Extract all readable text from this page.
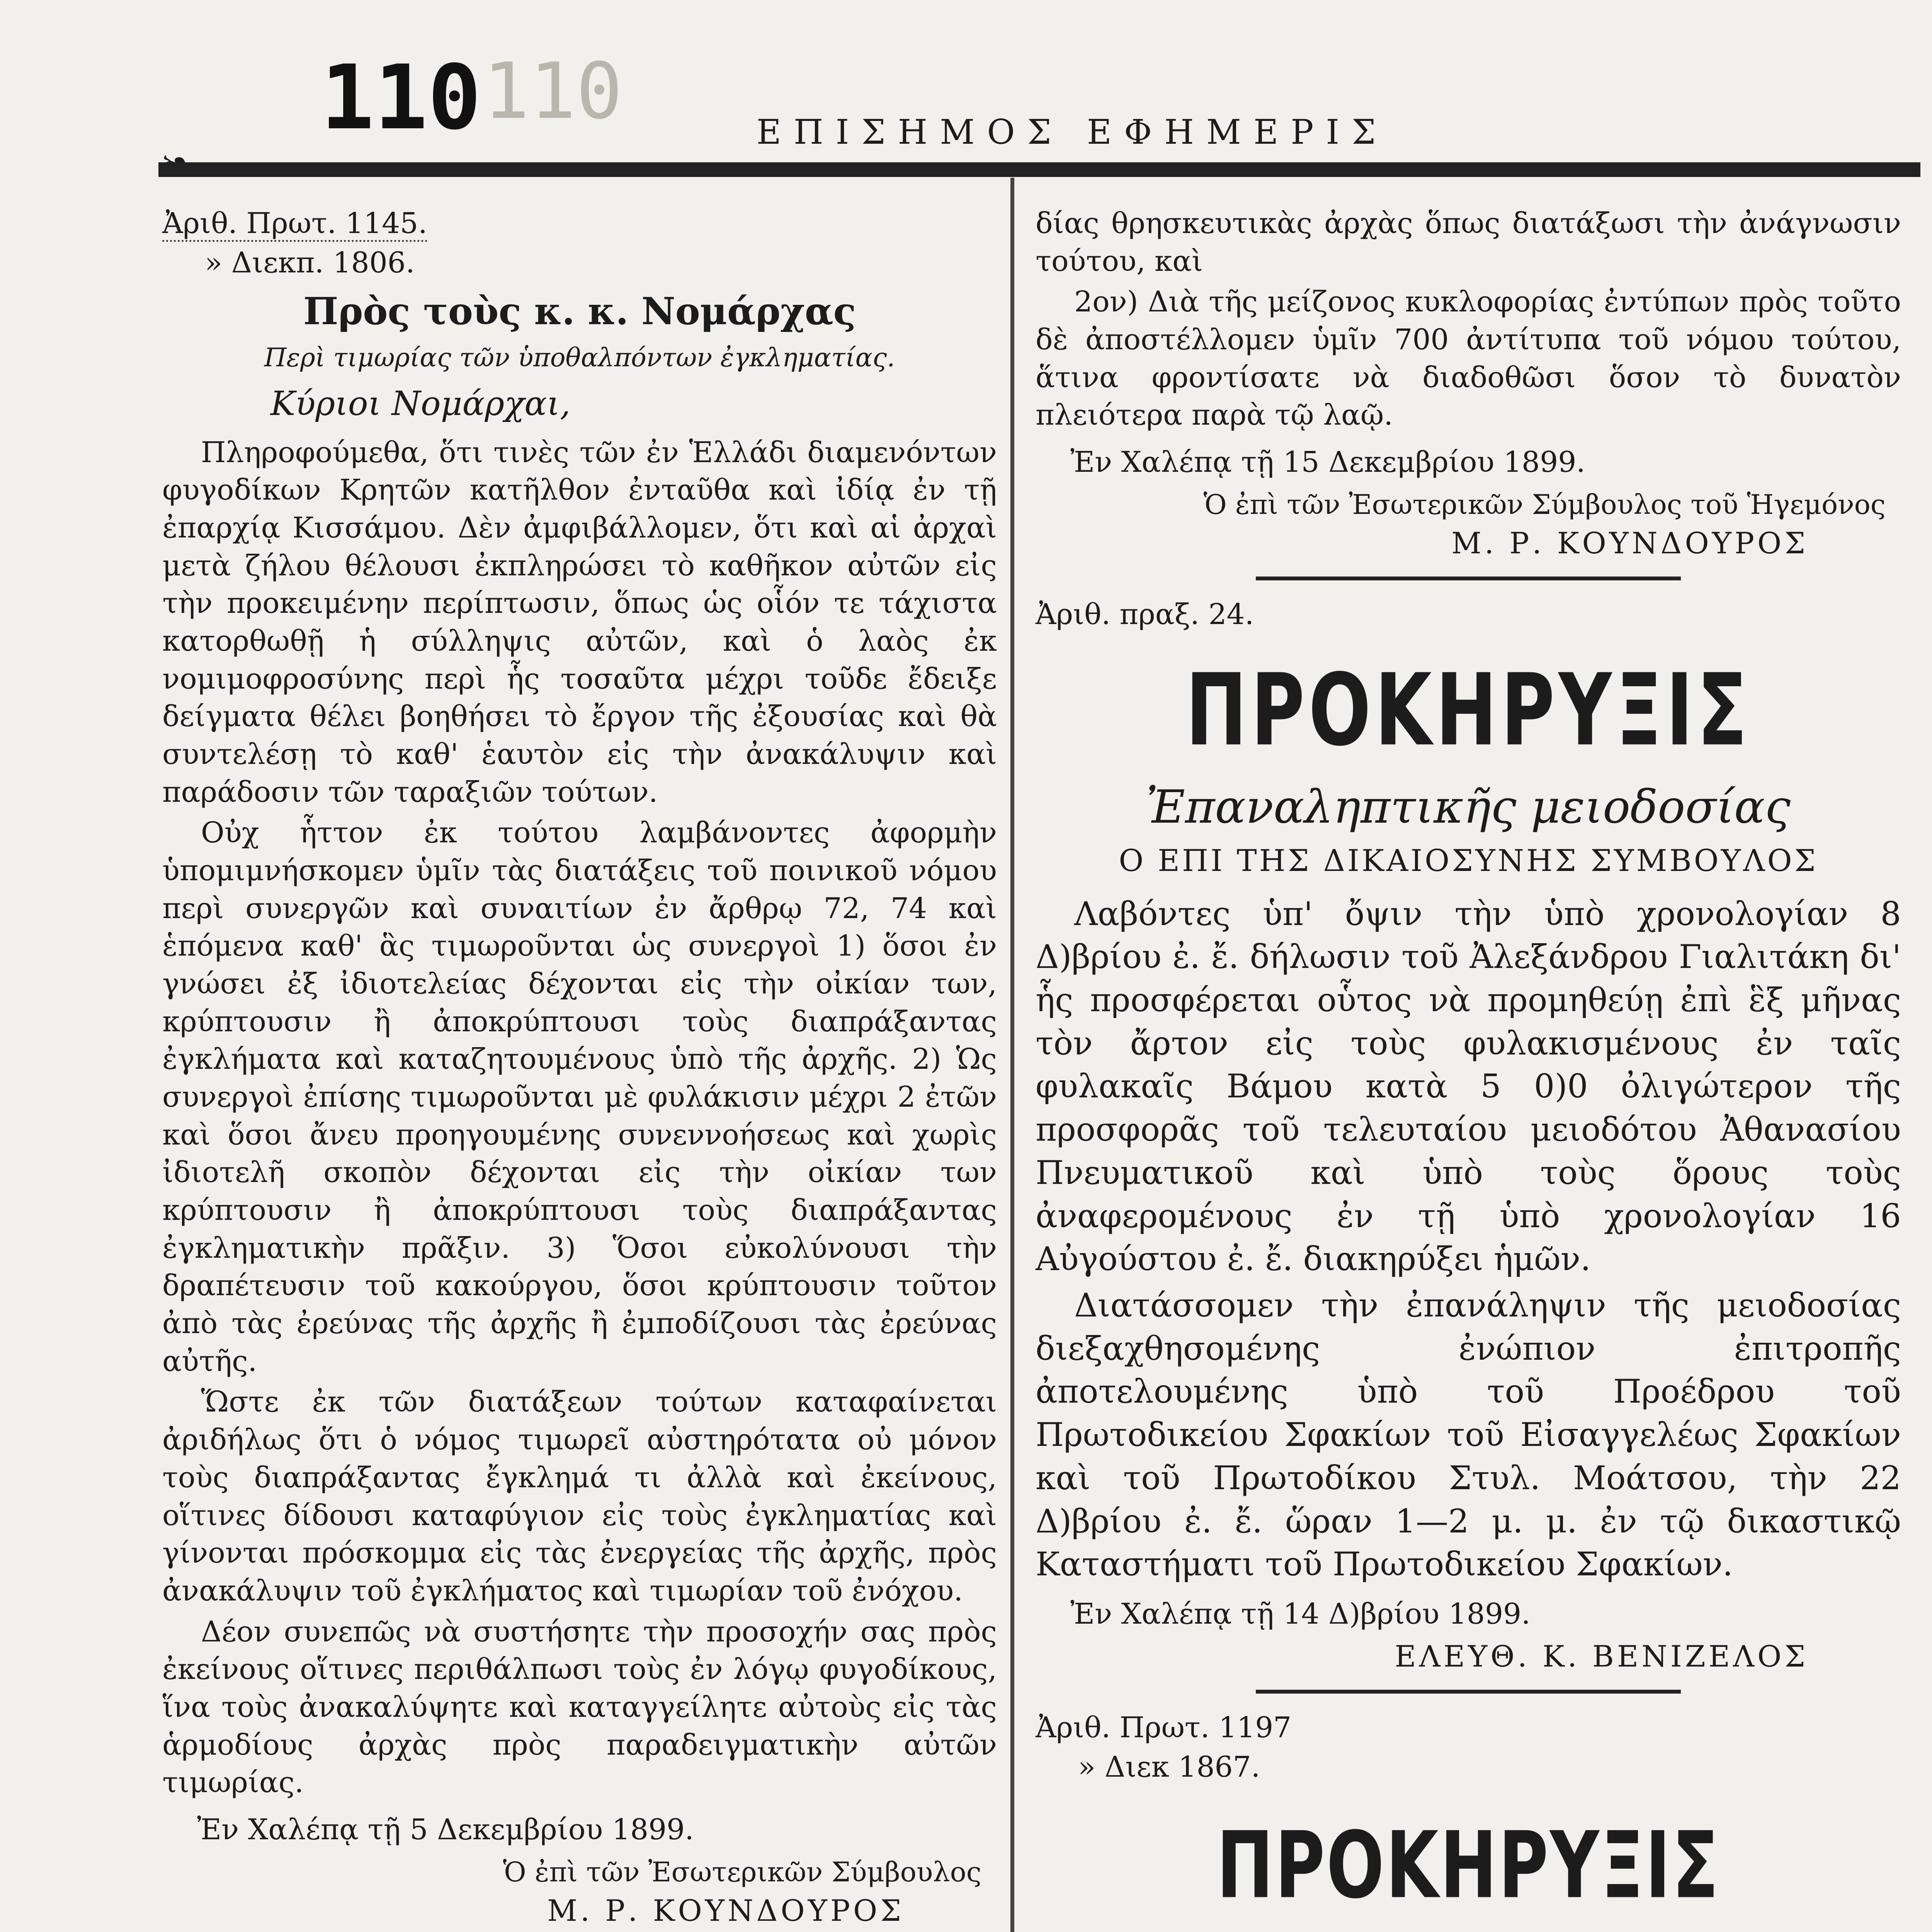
110 110	ΕΠΙΣΗΜΟΣ ΕΦΗΜΕΡΙΣ
Ἀριθ. Πρωτ. 1145.
» Διεκπ. 1806.
Πρὸς τοὺς κ. κ. Νομάρχας
Περὶ τιμωρίας τῶν ὑποθαλπόντων ἐγκληματίας.
Κύριοι Νομάρχαι,

Πληροφούμεθα, ὅτι τινὲς τῶν ἐν Ἑλλάδι διαμενόντων φυγοδίκων Κρητῶν κατῆλθον ἐνταῦθα καὶ ἰδίᾳ ἐν τῇ ἐπαρχίᾳ Κισσάμου. Δὲν ἀμφιβάλλομεν, ὅτι καὶ αἱ ἀρχαὶ μετὰ ζήλου θέλουσι ἐκπληρώσει τὸ καθῆκον αὐτῶν εἰς τὴν προκειμένην περίπτωσιν, ὅπως ὡς οἷόν τε τάχιστα κατορθωθῇ ἡ σύλληψις αὐτῶν, καὶ ὁ λαὸς ἐκ νομιμοφροσύνης περὶ ἧς τοσαῦτα μέχρι τοῦδε ἔδειξε δείγματα θέλει βοηθήσει τὸ ἔργον τῆς ἐξουσίας καὶ θὰ συντελέσῃ τὸ καθ' ἑαυτὸν εἰς τὴν ἀνακάλυψιν καὶ παράδοσιν τῶν ταραξιῶν τούτων.

Οὐχ ἧττον ἐκ τούτου λαμβάνοντες ἀφορμὴν ὑπομιμνήσκομεν ὑμῖν τὰς διατάξεις τοῦ ποινικοῦ νόμου περὶ συνεργῶν καὶ συναιτίων ἐν ἄρθρῳ 72, 74 καὶ ἑπόμενα καθ' ἃς τιμωροῦνται ὡς συνεργοὶ 1) ὅσοι ἐν γνώσει ἐξ ἰδιοτελείας δέχονται εἰς τὴν οἰκίαν των, κρύπτουσιν ἢ ἀποκρύπτουσι τοὺς διαπράξαντας ἐγκλήματα καὶ καταζητουμένους ὑπὸ τῆς ἀρχῆς. 2) Ὡς συνεργοὶ ἐπίσης τιμωροῦνται μὲ φυλάκισιν μέχρι 2 ἐτῶν καὶ ὅσοι ἄνευ προηγουμένης συνεννοήσεως καὶ χωρὶς ἰδιοτελῆ σκοπὸν δέχονται εἰς τὴν οἰκίαν των κρύπτουσιν ἢ ἀποκρύπτουσι τοὺς διαπράξαντας ἐγκληματικὴν πρᾶξιν. 3) Ὅσοι εὐκολύνουσι τὴν δραπέτευσιν τοῦ κακούργου, ὅσοι κρύπτουσιν τοῦτον ἀπὸ τὰς ἐρεύνας τῆς ἀρχῆς ἢ ἐμποδίζουσι τὰς ἐρεύνας αὐτῆς.

Ὥστε ἐκ τῶν διατάξεων τούτων καταφαίνεται ἀριδήλως ὅτι ὁ νόμος τιμωρεῖ αὐστηρότατα οὐ μόνον τοὺς διαπράξαντας ἔγκλημά τι ἀλλὰ καὶ ἐκείνους, οἵτινες δίδουσι καταφύγιον εἰς τοὺς ἐγκληματίας καὶ γίνονται πρόσκομμα εἰς τὰς ἐνεργείας τῆς ἀρχῆς, πρὸς ἀνακάλυψιν τοῦ ἐγκλήματος καὶ τιμωρίαν τοῦ ἐνόχου.

Δέον συνεπῶς νὰ συστήσητε τὴν προσοχήν σας πρὸς ἐκείνους οἵτινες περιθάλπωσι τοὺς ἐν λόγῳ φυγοδίκους, ἵνα τοὺς ἀνακαλύψητε καὶ καταγγείλητε αὐτοὺς εἰς τὰς ἁρμοδίους ἀρχὰς πρὸς παραδειγματικὴν αὐτῶν τιμωρίας.

Ἐν Χαλέπᾳ τῇ 5 Δεκεμβρίου 1899.
Ὁ ἐπὶ τῶν Ἐσωτερικῶν Σύμβουλος
Μ. Ρ. ΚΟΥΝΔΟΥΡΟΣ

δίας θρησκευτικὰς ἀρχὰς ὅπως διατάξωσι τὴν ἀνάγνωσιν τούτου, καὶ

2ον) Διὰ τῆς μείζονος κυκλοφορίας ἐντύπων πρὸς τοῦτο δὲ ἀποστέλλομεν ὑμῖν 700 ἀντίτυπα τοῦ νόμου τούτου, ἅτινα φροντίσατε νὰ διαδοθῶσι ὅσον τὸ δυνατὸν πλειότερα παρὰ τῷ λαῷ.

Ἐν Χαλέπᾳ τῇ 15 Δεκεμβρίου 1899.
Ὁ ἐπὶ τῶν Ἐσωτερικῶν Σύμβουλος τοῦ Ἡγεμόνος
Μ. Ρ. ΚΟΥΝΔΟΥΡΟΣ
Ἀριθ. πραξ. 24.
ΠΡΟΚΗΡΥΞΙΣ
Ἐπαναληπτικῆς μειοδοσίας
Ο ΕΠΙ ΤΗΣ ΔΙΚΑΙΟΣΥΝΗΣ ΣΥΜΒΟΥΛΟΣ

Λαβόντες ὑπ' ὄψιν τὴν ὑπὸ χρονολογίαν 8 Δ)βρίου ἐ. ἔ. δήλωσιν τοῦ Ἀλεξάνδρου Γιαλιτάκη δι' ἧς προσφέρεται οὗτος νὰ προμηθεύῃ ἐπὶ ἓξ μῆνας τὸν ἄρτον εἰς τοὺς φυλακισμένους ἐν ταῖς φυλακαῖς Βάμου κατὰ 5 0)0 ὀλιγώτερον τῆς προσφορᾶς τοῦ τελευταίου μειοδότου Ἀθανασίου Πνευματικοῦ καὶ ὑπὸ τοὺς ὅρους τοὺς ἀναφερομένους ἐν τῇ ὑπὸ χρονολογίαν 16 Αὐγούστου ἐ. ἔ. διακηρύξει ἡμῶν.

Διατάσσομεν τὴν ἐπανάληψιν τῆς μειοδοσίας διεξαχθησομένης ἐνώπιον ἐπιτροπῆς ἀποτελουμένης ὑπὸ τοῦ Προέδρου τοῦ Πρωτοδικείου Σφακίων τοῦ Εἰσαγγελέως Σφακίων καὶ τοῦ Πρωτοδίκου Στυλ. Μοάτσου, τὴν 22 Δ)βρίου ἐ. ἔ. ὥραν 1—2 μ. μ. ἐν τῷ δικαστικῷ Καταστήματι τοῦ Πρωτοδικείου Σφακίων.

Ἐν Χαλέπᾳ τῇ 14 Δ)βρίου 1899.
ΕΛΕΥΘ. Κ. ΒΕΝΙΖΕΛΟΣ
Ἀριθ. Πρωτ. 1197
» Διεκ 1867.
ΠΡΟΚΗΡΥΞΙΣ
